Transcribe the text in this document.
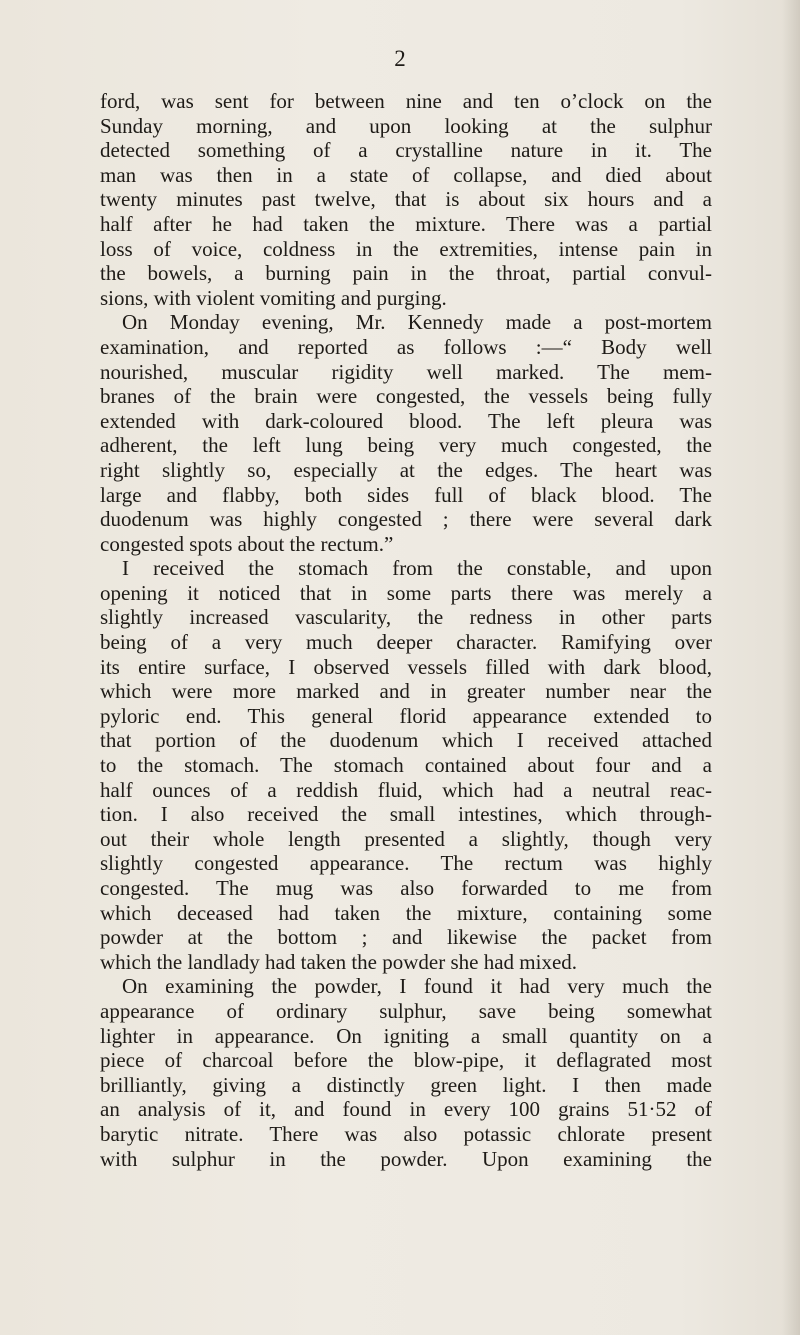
2
ford, was sent for between nine and ten o’clock on the
Sunday morning, and upon looking at the sulphur
detected something of a crystalline nature in it. The
man was then in a state of collapse, and died about
twenty minutes past twelve, that is about six hours and a
half after he had taken the mixture. There was a partial
loss of voice, coldness in the extremities, intense pain in
the bowels, a burning pain in the throat, partial convul-
sions, with violent vomiting and purging.
On Monday evening, Mr. Kennedy made a post-mortem
examination, and reported as follows :—“ Body well
nourished, muscular rigidity well marked. The mem-
branes of the brain were congested, the vessels being fully
extended with dark-coloured blood. The left pleura was
adherent, the left lung being very much congested, the
right slightly so, especially at the edges. The heart was
large and flabby, both sides full of black blood. The
duodenum was highly congested ; there were several dark
congested spots about the rectum.”
I received the stomach from the constable, and upon
opening it noticed that in some parts there was merely a
slightly increased vascularity, the redness in other parts
being of a very much deeper character. Ramifying over
its entire surface, I observed vessels filled with dark blood,
which were more marked and in greater number near the
pyloric end. This general florid appearance extended to
that portion of the duodenum which I received attached
to the stomach. The stomach contained about four and a
half ounces of a reddish fluid, which had a neutral reac-
tion. I also received the small intestines, which through-
out their whole length presented a slightly, though very
slightly congested appearance. The rectum was highly
congested. The mug was also forwarded to me from
which deceased had taken the mixture, containing some
powder at the bottom ; and likewise the packet from
which the landlady had taken the powder she had mixed.
On examining the powder, I found it had very much the
appearance of ordinary sulphur, save being somewhat
lighter in appearance. On igniting a small quantity on a
piece of charcoal before the blow-pipe, it deflagrated most
brilliantly, giving a distinctly green light. I then made
an analysis of it, and found in every 100 grains 51·52 of
barytic nitrate. There was also potassic chlorate present
with sulphur in the powder. Upon examining the
